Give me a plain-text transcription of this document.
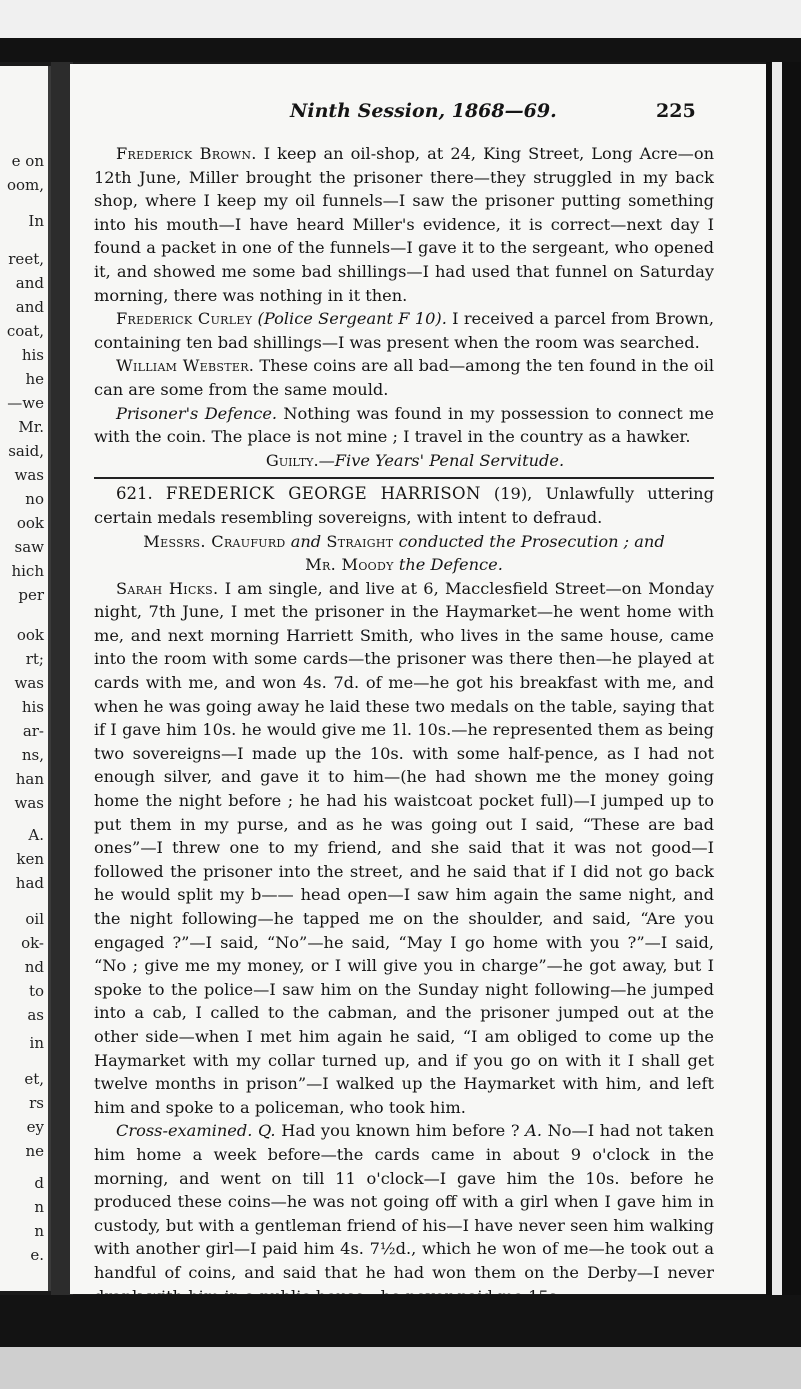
e on
oom,
In
reet,
and
and
coat,
his
he
—we
Mr.
said,
was
no
ook
saw
hich
per
ook
rt;
was
his
ar-
ns,
han
was
A.
ken
had
oil
ok-
nd
to
as
in
et,
rs
ey
ne
d
n
n
e.
Ninth Session, 1868—69.	225

Frederick Brown. I keep an oil-shop, at 24, King Street, Long Acre—on 12th June, Miller brought the prisoner there—they struggled in my back shop, where I keep my oil funnels—I saw the prisoner putting something into his mouth—I have heard Miller's evidence, it is correct—next day I found a packet in one of the funnels—I gave it to the sergeant, who opened it, and showed me some bad shillings—I had used that funnel on Saturday morning, there was nothing in it then.

Frederick Curley (Police Sergeant F 10). I received a parcel from Brown, containing ten bad shillings—I was present when the room was searched.

William Webster. These coins are all bad—among the ten found in the oil can are some from the same mould.

Prisoner's Defence. Nothing was found in my possession to connect me with the coin. The place is not mine ; I travel in the country as a hawker.

Guilty.—Five Years' Penal Servitude.

621. FREDERICK GEORGE HARRISON (19), Unlawfully uttering certain medals resembling sovereigns, with intent to defraud.

Messrs. Craufurd and Straight conducted the Prosecution ; and

Mr. Moody the Defence.

Sarah Hicks. I am single, and live at 6, Macclesfield Street—on Monday night, 7th June, I met the prisoner in the Haymarket—he went home with me, and next morning Harriett Smith, who lives in the same house, came into the room with some cards—the prisoner was there then—he played at cards with me, and won 4s. 7d. of me—he got his breakfast with me, and when he was going away he laid these two medals on the table, saying that if I gave him 10s. he would give me 1l. 10s.—he represented them as being two sovereigns—I made up the 10s. with some half-pence, as I had not enough silver, and gave it to him—(he had shown me the money going home the night before ; he had his waistcoat pocket full)—I jumped up to put them in my purse, and as he was going out I said, “These are bad ones”—I threw one to my friend, and she said that it was not good—I followed the prisoner into the street, and he said that if I did not go back he would split my b—— head open—I saw him again the same night, and the night following—he tapped me on the shoulder, and said, “Are you engaged ?”—I said, “No”—he said, “May I go home with you ?”—I said, “No ; give me my money, or I will give you in charge”—he got away, but I spoke to the police—I saw him on the Sunday night following—he jumped into a cab, I called to the cabman, and the prisoner jumped out at the other side—when I met him again he said, “I am obliged to come up the Haymarket with my collar turned up, and if you go on with it I shall get twelve months in prison”—I walked up the Haymarket with him, and left him and spoke to a policeman, who took him.

Cross-examined. Q. Had you known him before ? A. No—I had not taken him home a week before—the cards came in about 9 o'clock in the morning, and went on till 11 o'clock—I gave him the 10s. before he produced these coins—he was not going off with a girl when I gave him in custody, but with a gentleman friend of his—I have never seen him walking with another girl—I paid him 4s. 7½d., which he won of me—he took out a handful of coins, and said that he had won them on the Derby—I never
